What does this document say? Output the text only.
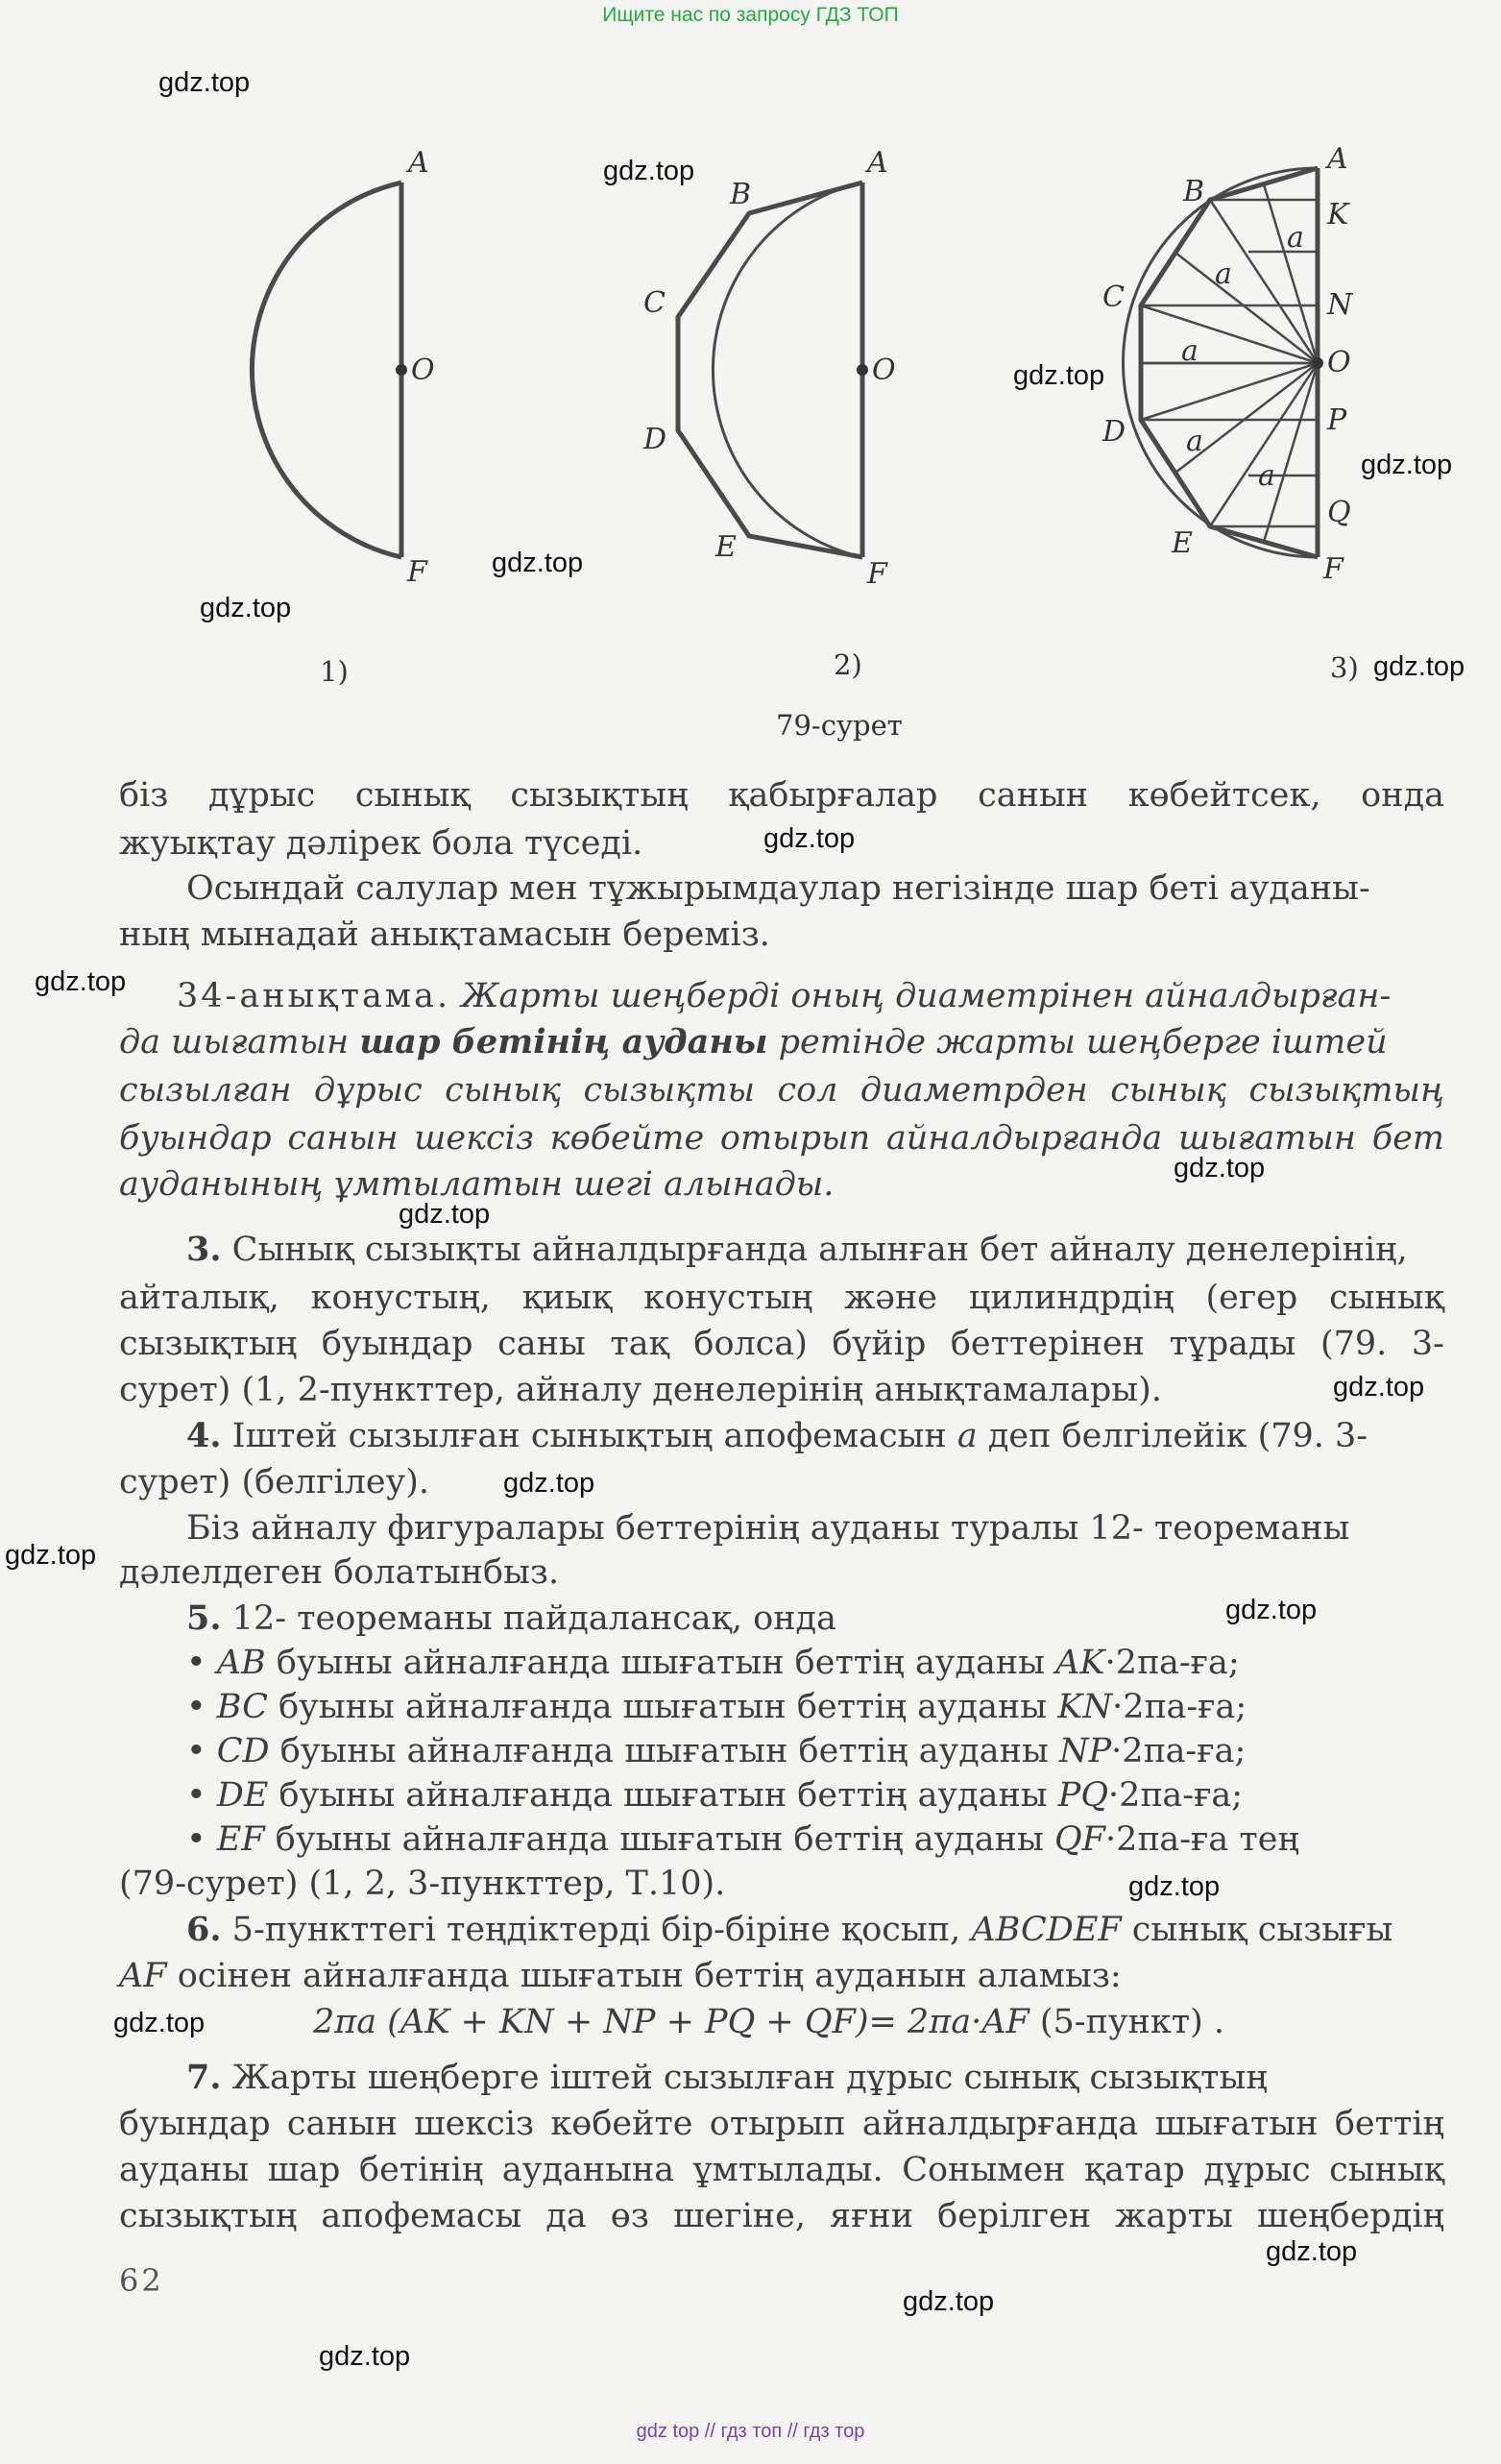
Ищите нас по запросу ГДЗ ТОП
A
O
F
A
B
C
O
D
E
F
A
B
K
a
a
C	N
a	O
P
D a
a
Q
E
F
1)	2)	3)
79-сурет
біз дұрыс сынық сызықтың қабырғалар санын көбейтсек, онда
жуықтау дәлірек бола түседі.
Осындай салулар мен тұжырымдаулар негізінде шар беті ауданы-
ның мынадай анықтамасын береміз.
34-анықтама. Жарты шеңберді оның диаметрінен айналдырған-
да шығатын шар бетінің ауданы ретінде жарты шеңберге іштей
сызылған дұрыс сынық сызықты сол диаметрден сынық сызықтың
буындар санын шексіз көбейте отырып айналдырғанда шығатын бет
ауданының ұмтылатын шегі алынады.
3. Сынық сызықты айналдырғанда алынған бет айналу денелерінің,
айталық, конустың, қиық конустың және цилиндрдің (егер сынық
сызықтың буындар саны тақ болса) бүйір беттерінен тұрады (79. 3-
сурет) (1, 2-пункттер, айналу денелерінің анықтамалары).
4. Іштей сызылған сынықтың апофемасын a деп белгілейік (79. 3-
сурет) (белгілеу).
Біз айналу фигуралары беттерінің ауданы туралы 12- теореманы
дәлелдеген болатынбыз.
5. 12- теореманы пайдалансақ, онда
• AB буыны айналғанда шығатын беттің ауданы AK·2πa-ға;
• BC буыны айналғанда шығатын беттің ауданы KN·2πa-ға;
• CD буыны айналғанда шығатын беттің ауданы NP·2πa-ға;
• DE буыны айналғанда шығатын беттің ауданы PQ·2πa-ға;
• EF буыны айналғанда шығатын беттің ауданы QF·2πa-ға тең
(79-сурет) (1, 2, 3-пункттер, Т.10).
6. 5-пункттегі теңдіктерді бір-біріне қосып, ABCDEF сынық сызығы
AF осінен айналғанда шығатын беттің ауданын аламыз:
2πa (AK + KN + NP + PQ + QF)= 2πa·AF (5-пункт) .
7. Жарты шеңберге іштей сызылған дұрыс сынық сызықтың
буындар санын шексіз көбейте отырып айналдырғанда шығатын беттің
ауданы шар бетінің ауданына ұмтылады. Сонымен қатар дұрыс сынық
сызықтың апофемасы да өз шегіне, яғни берілген жарты шеңбердің
62
gdz.top
gdz.top
gdz.top
gdz.top
gdz.top
gdz.top
gdz.top
gdz.top
gdz.top
gdz.top
gdz.top
gdz.top
gdz.top
gdz.top
gdz.top
gdz.top
gdz.top
gdz.top
gdz.top
gdz.top
gdz top // гдз топ // гдз тор
